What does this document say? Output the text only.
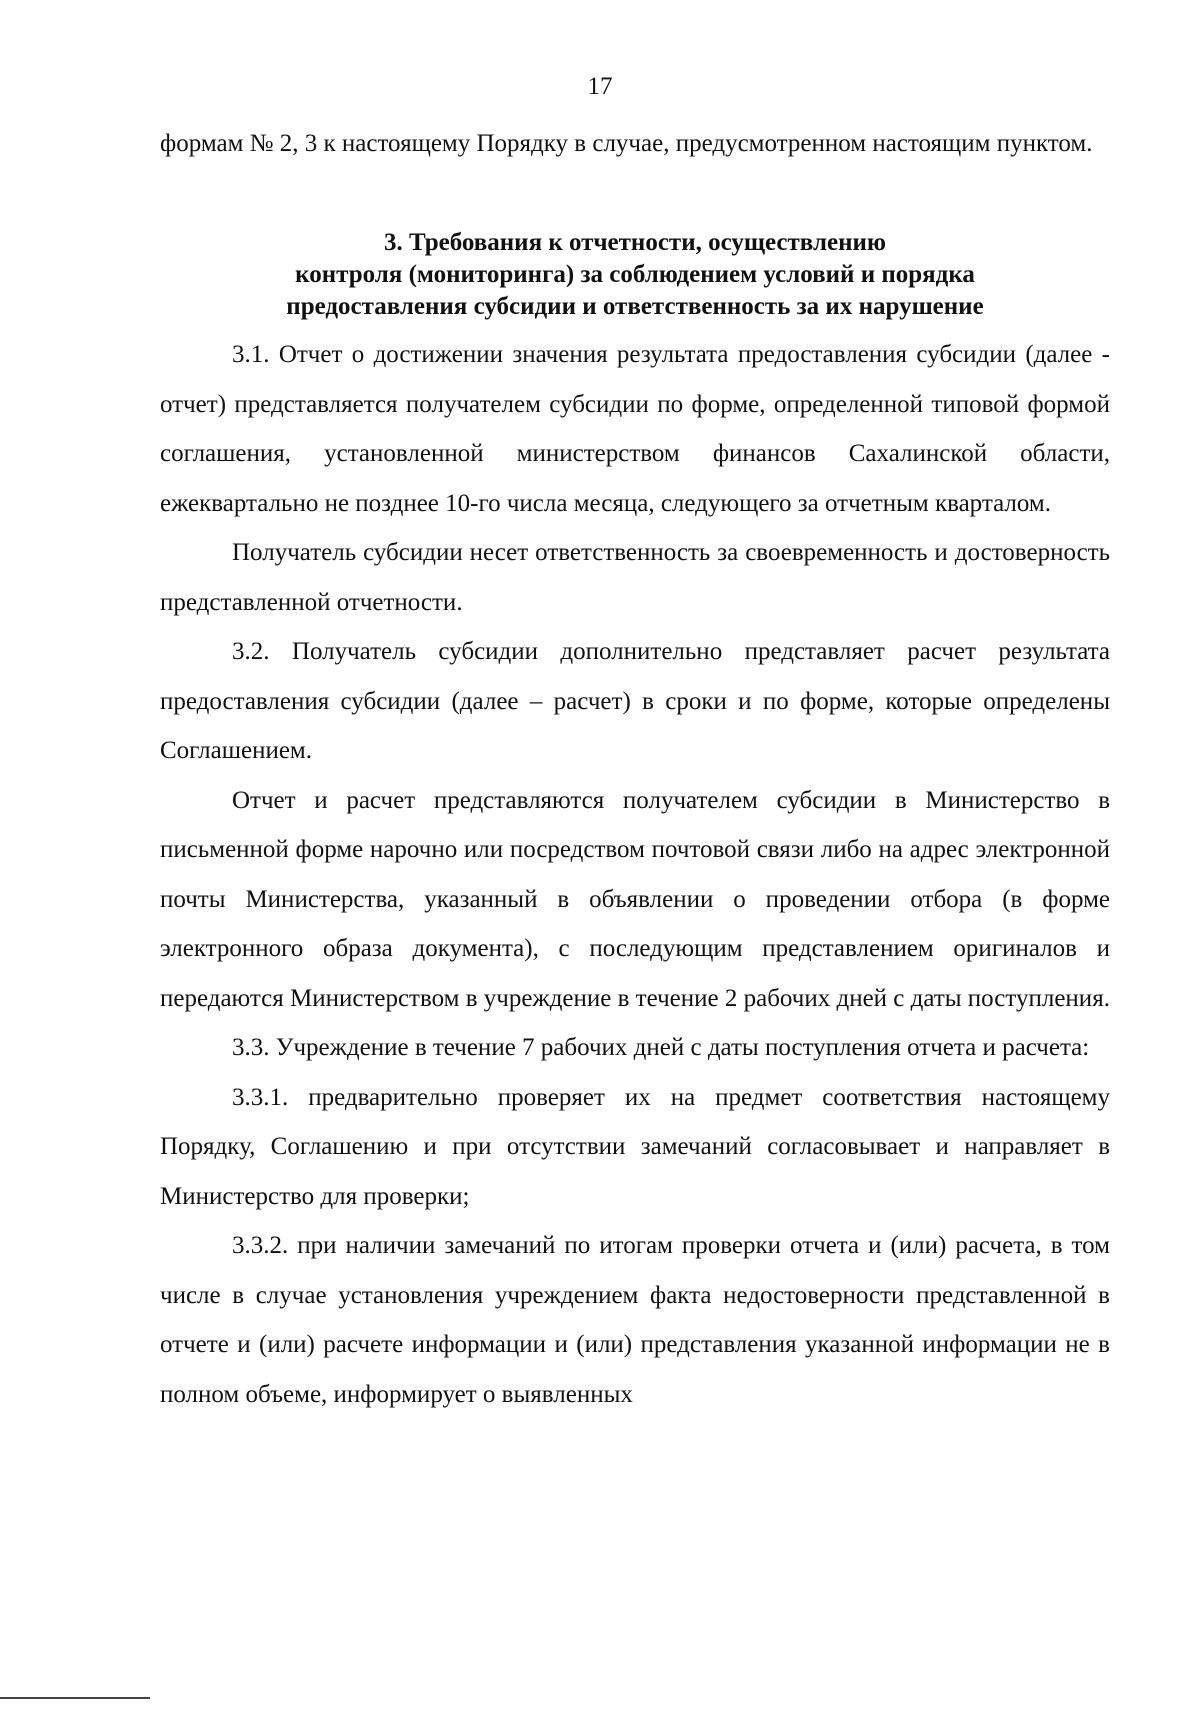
17
формам № 2, 3 к настоящему Порядку в случае, предусмотренном настоящим пунктом.
3. Требования к отчетности, осуществлению
контроля (мониторинга) за соблюдением условий и порядка
предоставления субсидии и ответственность за их нарушение

3.1. Отчет о достижении значения результата предоставления субсидии (далее - отчет) представляется получателем субсидии по форме, определенной типовой формой соглашения, установленной министерством финансов Сахалинской области, ежеквартально не позднее 10-го числа месяца, следующего за отчетным кварталом.

Получатель субсидии несет ответственность за своевременность и достоверность представленной отчетности.

3.2. Получатель субсидии дополнительно представляет расчет результата предоставления субсидии (далее – расчет) в сроки и по форме, которые определены Соглашением.

Отчет и расчет представляются получателем субсидии в Министерство в письменной форме нарочно или посредством почтовой связи либо на адрес электронной почты Министерства, указанный в объявлении о проведении отбора (в форме электронного образа документа), с последующим представлением оригиналов и передаются Министерством в учреждение в течение 2 рабочих дней с даты поступления.

3.3. Учреждение в течение 7 рабочих дней с даты поступления отчета и расчета:

3.3.1. предварительно проверяет их на предмет соответствия настоящему Порядку, Соглашению и при отсутствии замечаний согласовывает и направляет в Министерство для проверки;

3.3.2. при наличии замечаний по итогам проверки отчета и (или) расчета, в том числе в случае установления учреждением факта недостоверности представленной в отчете и (или) расчете информации и (или) представления указанной информации не в полном объеме, информирует о выявленных
